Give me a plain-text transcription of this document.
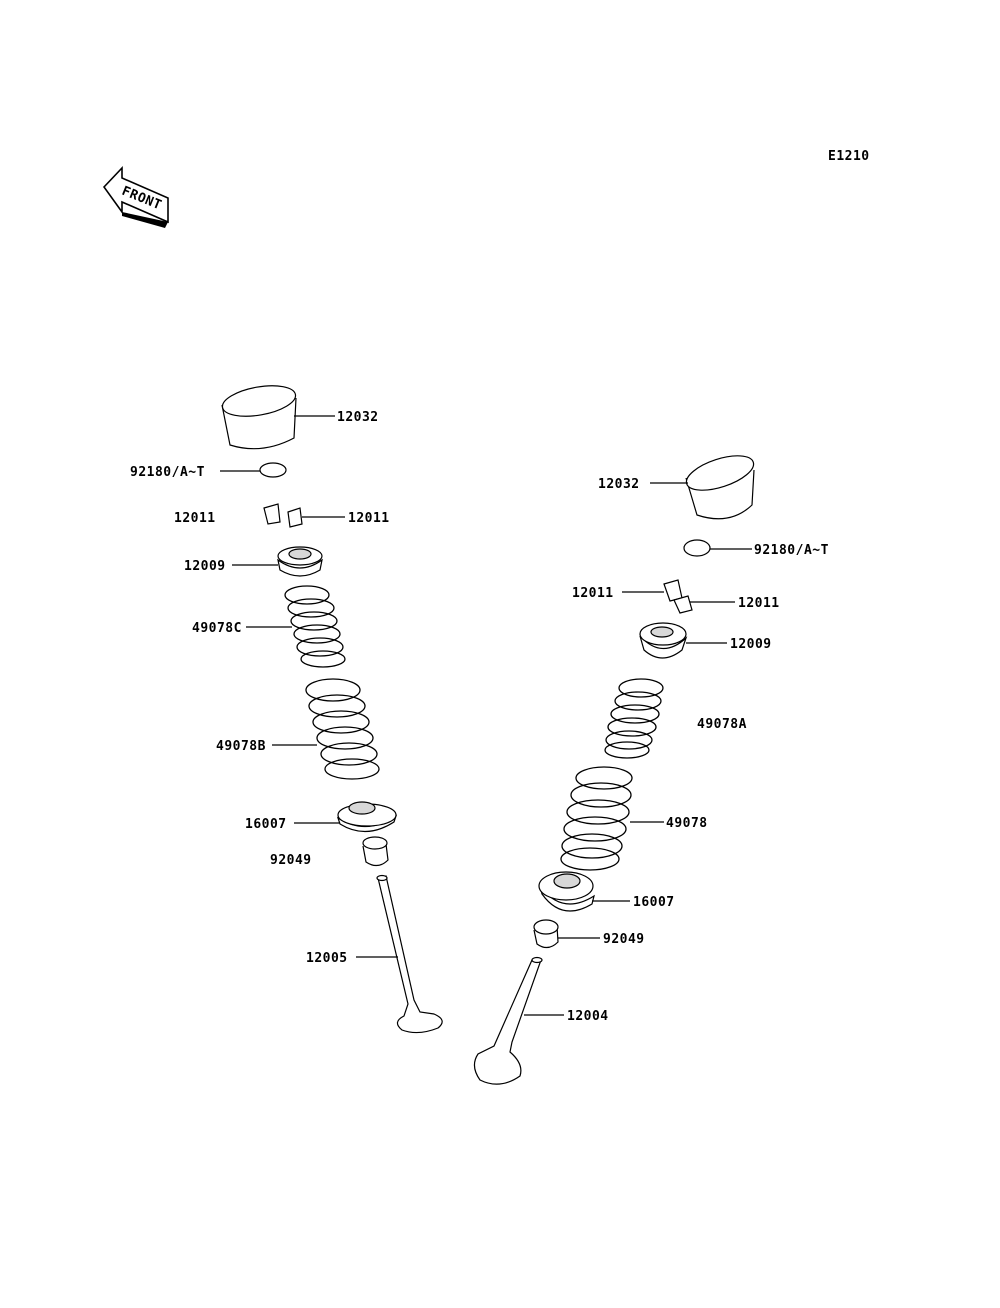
E1210
FRONT
12032
92180/A~T
12011	12011
12009
49078C
49078B
16007
92049
12005
12032
92180/A~T
12011
12011
12009
49078A
49078
16007
92049
12004
